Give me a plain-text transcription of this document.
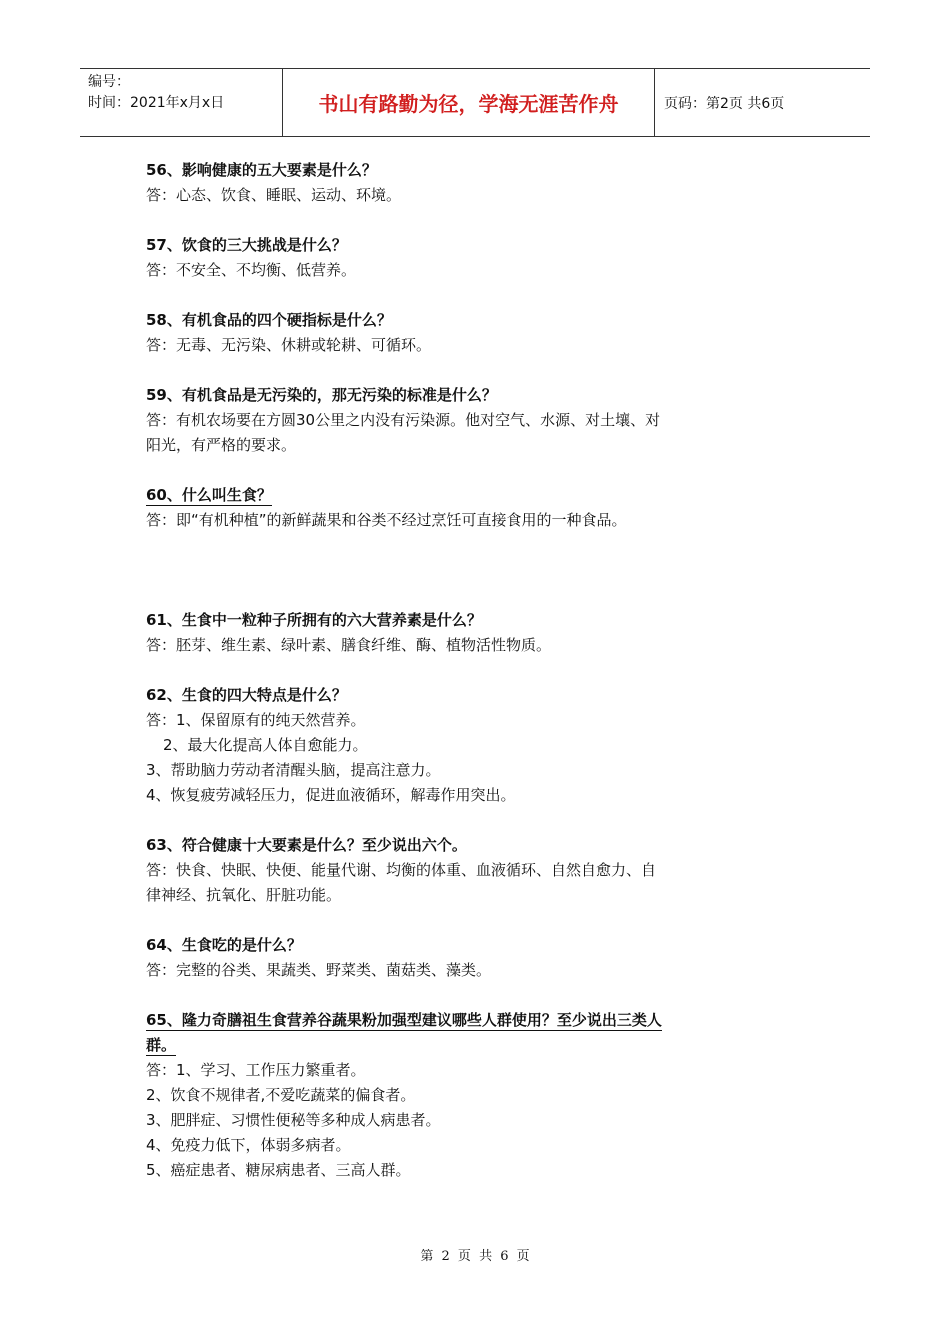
编号：
时间：2021年x月x日	书山有路勤为径，学海无涯苦作舟	页码：第2页 共6页
56、影响健康的五大要素是什么？
答：心态、饮食、睡眠、运动、环境。
57、饮食的三大挑战是什么？
答：不安全、不均衡、低营养。
58、有机食品的四个硬指标是什么？
答：无毒、无污染、休耕或轮耕、可循环。
59、有机食品是无污染的，那无污染的标准是什么？
答：有机农场要在方圆30公里之内没有污染源。他对空气、水源、对土壤、对
阳光，有严格的要求。
60、什么叫生食？
答：即“有机种植”的新鲜蔬果和谷类不经过烹饪可直接食用的一种食品。
61、生食中一粒种子所拥有的六大营养素是什么？
答：胚芽、维生素、绿叶素、膳食纤维、酶、植物活性物质。
62、生食的四大特点是什么？
答：1、保留原有的纯天然营养。
2、最大化提高人体自愈能力。
3、帮助脑力劳动者清醒头脑，提高注意力。
4、恢复疲劳减轻压力，促进血液循环，解毒作用突出。
63、符合健康十大要素是什么？至少说出六个。
答：快食、快眠、快便、能量代谢、均衡的体重、血液循环、自然自愈力、自
律神经、抗氧化、肝脏功能。
64、生食吃的是什么？
答：完整的谷类、果蔬类、野菜类、菌菇类、藻类。
65、隆力奇膳祖生食营养谷蔬果粉加强型建议哪些人群使用？至少说出三类人
群。
答：1、学习、工作压力繁重者。
2、饮食不规律者,不爱吃蔬菜的偏食者。
3、肥胖症、习惯性便秘等多种成人病患者。
4、免疫力低下，体弱多病者。
5、癌症患者、糖尿病患者、三高人群。
第 2 页 共 6 页
